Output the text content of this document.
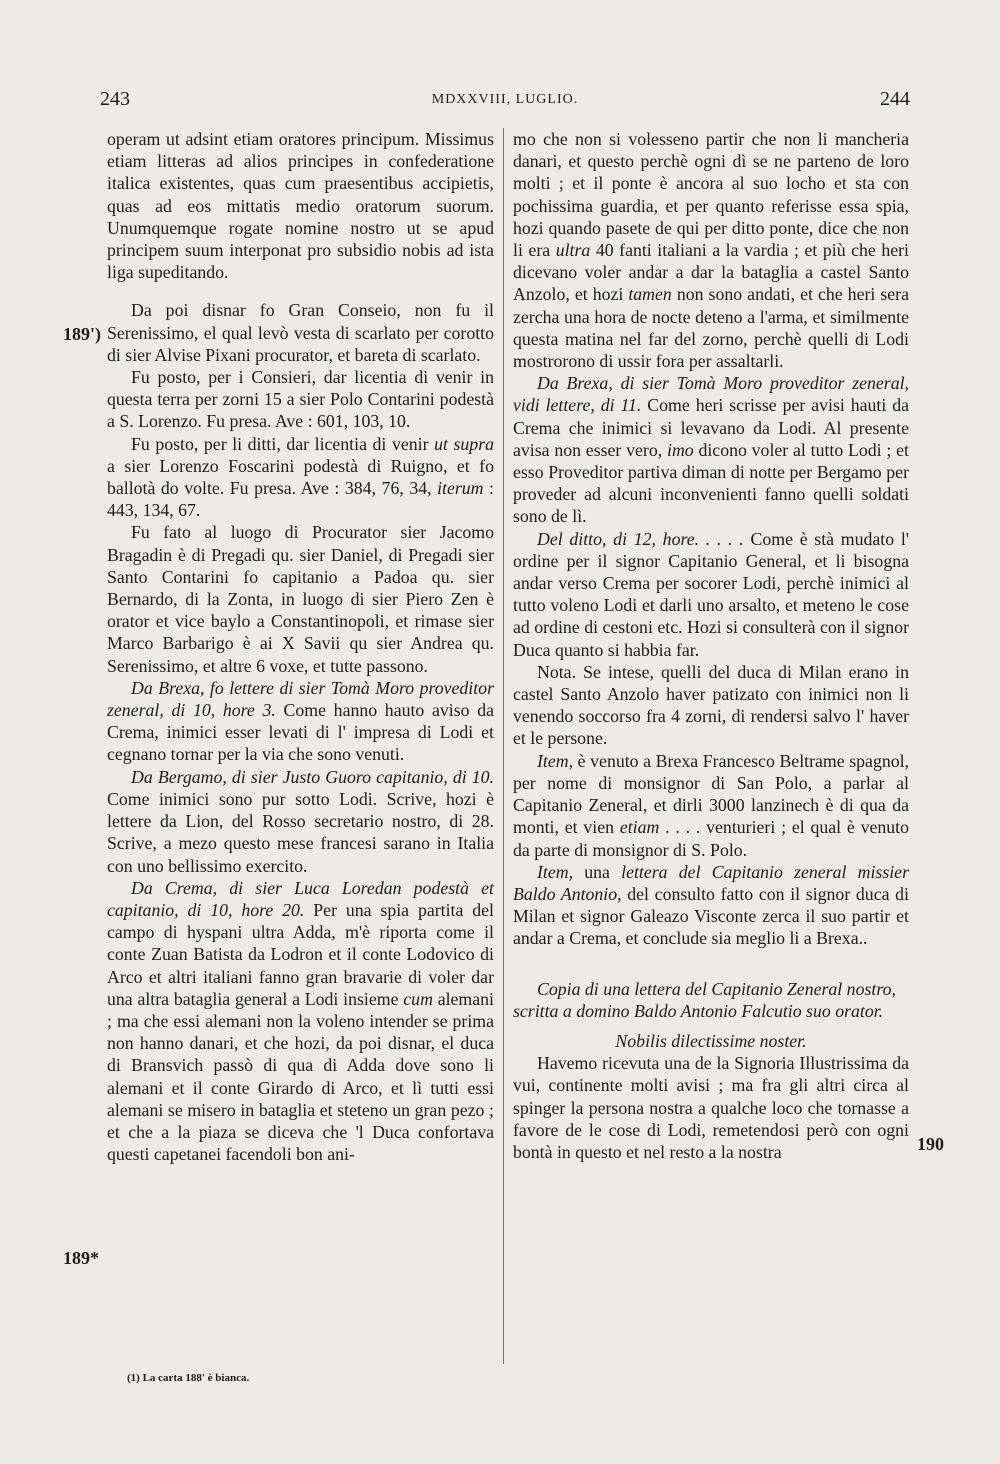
243	MDXXVIII, LUGLIO.	244
189')
189*
190

operam ut adsint etiam oratores principum. Missimus etiam litteras ad alios principes in confederatione italica existentes, quas cum praesentibus accipietis, quas ad eos mittatis medio oratorum suorum. Unumquemque rogate nomine nostro ut se apud principem suum interponat pro subsidio nobis ad ista liga supeditando.

Da poi disnar fo Gran Conseio, non fu il Serenissimo, el qual levò vesta di scarlato per corotto di sier Alvise Pixani procurator, et bareta di scarlato.

Fu posto, per i Consieri, dar licentia di venir in questa terra per zorni 15 a sier Polo Contarini podestà a S. Lorenzo. Fu presa. Ave : 601, 103, 10.

Fu posto, per li ditti, dar licentia di venir ut supra a sier Lorenzo Foscarini podestà di Ruigno, et fo ballotà do volte. Fu presa. Ave : 384, 76, 34, iterum : 443, 134, 67.

Fu fato al luogo di Procurator sier Jacomo Bragadin è di Pregadi qu. sier Daniel, di Pregadi sier Santo Contarini fo capitanio a Padoa qu. sier Bernardo, di la Zonta, in luogo di sier Piero Zen è orator et vice baylo a Constantinopoli, et rimase sier Marco Barbarigo è ai X Savii qu sier Andrea qu. Serenissimo, et altre 6 voxe, et tutte passono.

Da Brexa, fo lettere di sier Tomà Moro proveditor zeneral, di 10, hore 3. Come hanno hauto aviso da Crema, inimici esser levati di l' impresa di Lodi et cegnano tornar per la via che sono venuti.

Da Bergamo, di sier Justo Guoro capitanio, di 10. Come inimici sono pur sotto Lodi. Scrive, hozi è lettere da Lion, del Rosso secretario nostro, di 28. Scrive, a mezo questo mese francesi sarano in Italia con uno bellissimo exercito.

Da Crema, di sier Luca Loredan podestà et capitanio, di 10, hore 20. Per una spia partita del campo di hyspani ultra Adda, m'è riporta come il conte Zuan Batista da Lodron et il conte Lodovico di Arco et altri italiani fanno gran bravarie di voler dar una altra bataglia general a Lodi insieme cum alemani ; ma che essi alemani non la voleno intender se prima non hanno danari, et che hozi, da poi disnar, el duca di Bransvich passò di qua di Adda dove sono li alemani et il conte Girardo di Arco, et lì tutti essi alemani se misero in bataglia et steteno un gran pezo ; et che a la piaza se diceva che 'l Duca confortava questi capetanei facendoli bon ani-

mo che non si volesseno partir che non li mancheria danari, et questo perchè ogni dì se ne parteno de loro molti ; et il ponte è ancora al suo locho et sta con pochissima guardia, et per quanto referisse essa spia, hozi quando pasete de qui per ditto ponte, dice che non li era ultra 40 fanti italiani a la vardia ; et più che heri dicevano voler andar a dar la bataglia a castel Santo Anzolo, et hozi tamen non sono andati, et che heri sera zercha una hora de nocte deteno a l'arma, et similmente questa matina nel far del zorno, perchè quelli di Lodi mostrorono di ussir fora per assaltarli.

Da Brexa, di sier Tomà Moro proveditor zeneral, vidi lettere, di 11. Come heri scrisse per avisi hauti da Crema che inimici si levavano da Lodi. Al presente avisa non esser vero, imo dicono voler al tutto Lodi ; et esso Proveditor partiva diman di notte per Bergamo per proveder ad alcuni inconvenienti fanno quelli soldati sono de lì.

Del ditto, di 12, hore. . . . . Come è stà mudato l' ordine per il signor Capitanio General, et li bisogna andar verso Crema per socorer Lodi, perchè inimici al tutto voleno Lodi et darli uno arsalto, et meteno le cose ad ordine di cestoni etc. Hozi si consulterà con il signor Duca quanto si habbia far.

Nota. Se intese, quelli del duca di Milan erano in castel Santo Anzolo haver patizato con inimici non li venendo soccorso fra 4 zorni, di rendersi salvo l' haver et le persone.

Item, è venuto a Brexa Francesco Beltrame spagnol, per nome di monsignor di San Polo, a parlar al Capitanio Zeneral, et dirli 3000 lanzinech è di qua da monti, et vien etiam . . . . venturieri ; el qual è venuto da parte di monsignor di S. Polo.

Item, una lettera del Capitanio zeneral missier Baldo Antonio, del consulto fatto con il signor duca di Milan et signor Galeazo Visconte zerca il suo partir et andar a Crema, et conclude sia meglio li a Brexa..

Copia di una lettera del Capitanio Zeneral nostro, scritta a domino Baldo Antonio Falcutio suo orator.

Nobilis dilectissime noster.

Havemo ricevuta una de la Signoria Illustrissima da vui, continente molti avisi ; ma fra gli altri circa al spinger la persona nostra a qualche loco che tornasse a favore de le cose di Lodi, remetendosi però con ogni bontà in questo et nel resto a la nostra

(1) La carta 188' è bianca.
